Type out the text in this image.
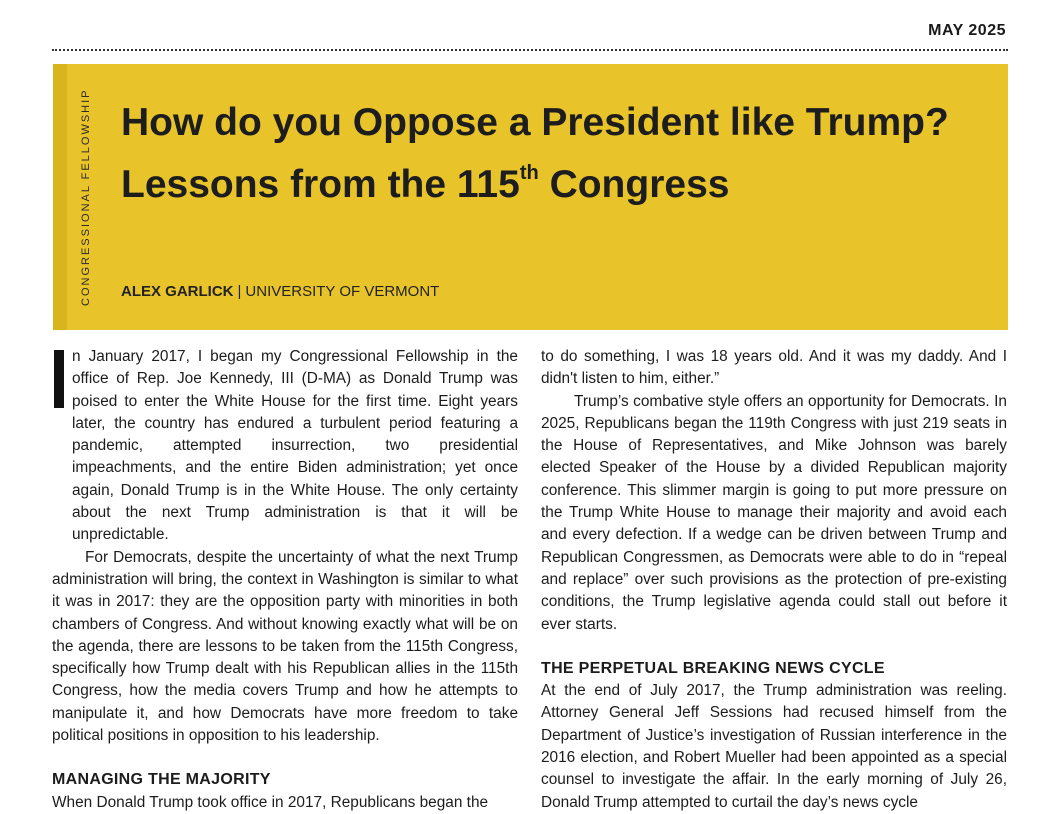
MAY 2025
CONGRESSIONAL FELLOWSHIP How do you Oppose a President like Trump? Lessons from the 115th Congress
ALEX GARLICK | UNIVERSITY OF VERMONT

n January 2017, I began my Congressional Fellowship in the office of Rep. Joe Kennedy, III (D-MA) as Donald Trump was poised to enter the White House for the first time. Eight years later, the country has endured a turbulent period featuring a pandemic, attempted insurrection, two presidential impeachments, and the entire Biden administration; yet once again, Donald Trump is in the White House. The only certainty about the next Trump administration is that it will be unpredictable.

For Democrats, despite the uncertainty of what the next Trump administration will bring, the context in Washington is similar to what it was in 2017: they are the opposition party with minorities in both chambers of Congress. And without knowing exactly what will be on the agenda, there are lessons to be taken from the 115th Congress, specifically how Trump dealt with his Republican allies in the 115th Congress, how the media covers Trump and how he attempts to manipulate it, and how Democrats have more freedom to take political positions in opposition to his leadership.

MANAGING THE MAJORITY

When Donald Trump took office in 2017, Republicans began the

to do something, I was 18 years old. And it was my daddy. And I didn't listen to him, either.”

Trump’s combative style offers an opportunity for Democrats. In 2025, Republicans began the 119th Congress with just 219 seats in the House of Representatives, and Mike Johnson was barely elected Speaker of the House by a divided Republican majority conference. This slimmer margin is going to put more pressure on the Trump White House to manage their majority and avoid each and every defection. If a wedge can be driven between Trump and Republican Congressmen, as Democrats were able to do in “repeal and replace” over such provisions as the protection of pre-existing conditions, the Trump legislative agenda could stall out before it ever starts.

THE PERPETUAL BREAKING NEWS CYCLE

At the end of July 2017, the Trump administration was reeling. Attorney General Jeff Sessions had recused himself from the Department of Justice’s investigation of Russian interference in the 2016 election, and Robert Mueller had been appointed as a special counsel to investigate the affair. In the early morning of July 26, Donald Trump attempted to curtail the day’s news cycle
